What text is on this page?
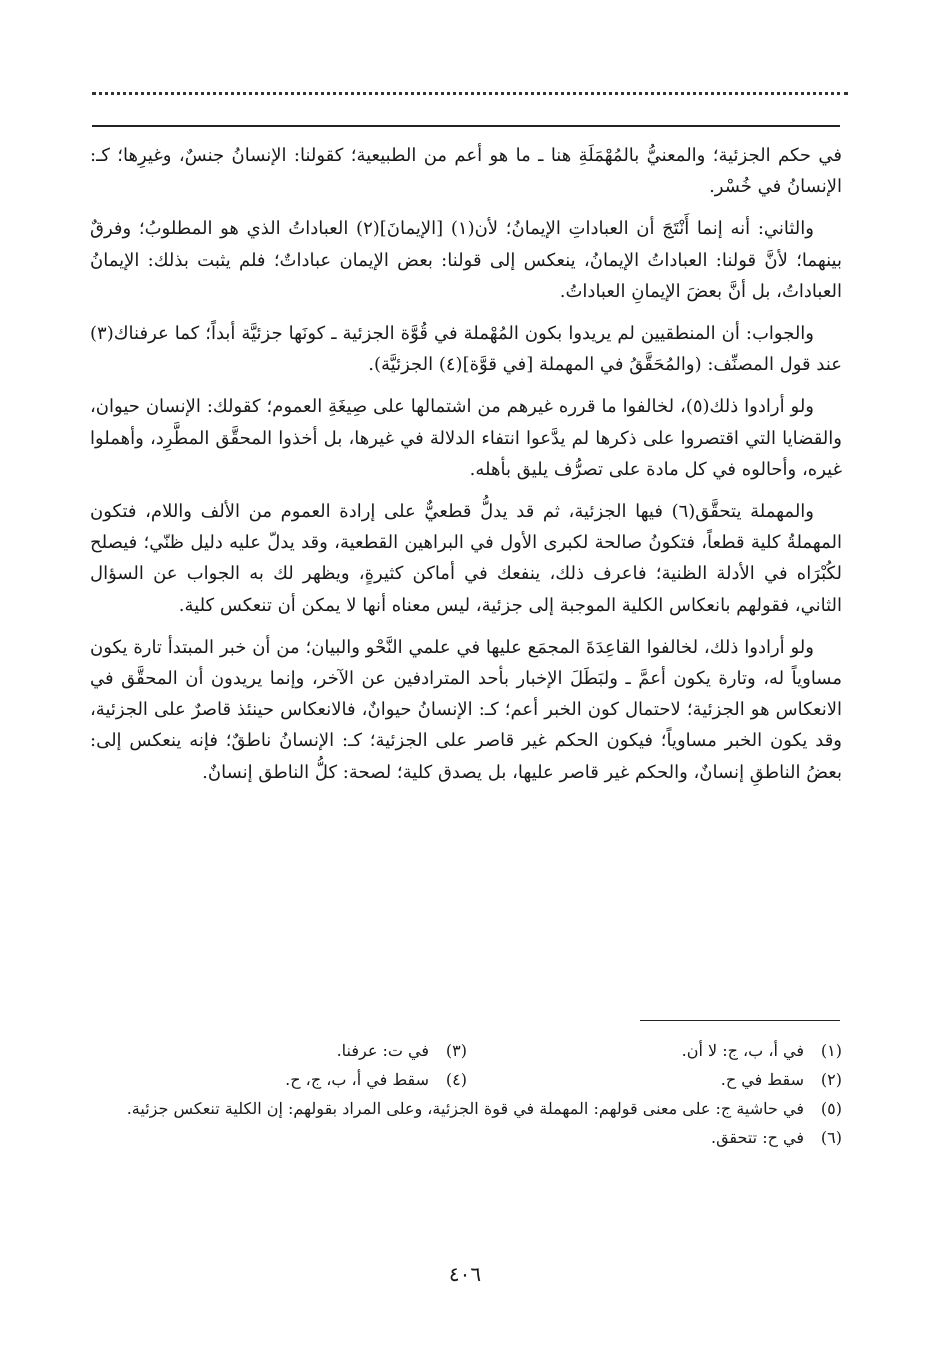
في حكم الجزئية؛ والمعنيُّ بالمُهْمَلَةِ هنا ـ ما هو أعم من الطبيعية؛ كقولنا: الإنسانُ جنسٌ، وغيرِها؛ كـ: الإنسانُ في خُسْر.

والثاني: أنه إنما أَنْتَجَ أن العباداتِ الإيمانُ؛ لأن(١) [الإيمانَ](٢) العباداتُ الذي هو المطلوبُ؛ وفرقٌ بينهما؛ لأنَّ قولنا: العباداتُ الإيمانُ، ينعكس إلى قولنا: بعض الإيمان عباداتٌ؛ فلم يثبت بذلك: الإيمانُ العباداتُ، بل أنَّ بعضَ الإيمانِ العباداتُ.

والجواب: أن المنطقيين لم يريدوا بكون المُهْملة في قُوَّة الجزئية ـ كونَها جزئيَّة أبداً؛ كما عرفناك(٣) عند قول المصنِّف: (والمُحَقَّقُ في المهملة [في قوَّة](٤) الجزئيَّة).

ولو أرادوا ذلك(٥)، لخالفوا ما قرره غيرهم من اشتمالها على صِيغَةِ العموم؛ كقولك: الإنسان حيوان، والقضايا التي اقتصروا على ذكرها لم يدَّعوا انتفاء الدلالة في غيرها، بل أخذوا المحقَّق المطَّرِد، وأهملوا غيره، وأحالوه في كل مادة على تصرُّف يليق بأهله.

والمهملة يتحقَّق(٦) فيها الجزئية، ثم قد يدلُّ قطعيٌّ على إرادة العموم من الألف واللام، فتكون المهملةُ كلية قطعاً، فتكونُ صالحة لكبرى الأول في البراهين القطعية، وقد يدلّ عليه دليل ظنّي؛ فيصلح لكُبْرَاه في الأدلة الظنية؛ فاعرف ذلك، ينفعك في أماكن كثيرةٍ، ويظهر لك به الجواب عن السؤال الثاني، فقولهم بانعكاس الكلية الموجبة إلى جزئية، ليس معناه أنها لا يمكن أن تنعكس كلية.

ولو أرادوا ذلك، لخالفوا القاعِدَةَ المجمَع عليها في علمي النَّحْو والبيان؛ من أن خبر المبتدأ تارة يكون مساوياً له، وتارة يكون أعمَّ ـ ولبَطَلَ الإخبار بأحد المترادفين عن الآخر، وإنما يريدون أن المحقَّق في الانعكاس هو الجزئية؛ لاحتمال كون الخبر أعم؛ كـ: الإنسانُ حيوانٌ، فالانعكاس حينئذ قاصرٌ على الجزئية، وقد يكون الخبر مساوياً؛ فيكون الحكم غير قاصر على الجزئية؛ كـ: الإنسانُ ناطقٌ؛ فإنه ينعكس إلى: بعضُ الناطقِ إنسانٌ، والحكم غير قاصر عليها، بل يصدق كلية؛ لصحة: كلُّ الناطق إنسانٌ.

(١)في أ، ب، ج: لا أن.
(٣)في ت: عرفنا.
(٢)سقط في ح.
(٤)سقط في أ، ب، ج، ح.
(٥)في حاشية ج: على معنى قولهم: المهملة في قوة الجزئية، وعلى المراد بقولهم: إن الكلية تنعكس جزئية.
(٦)في ح: تتحقق.
٤٠٦
